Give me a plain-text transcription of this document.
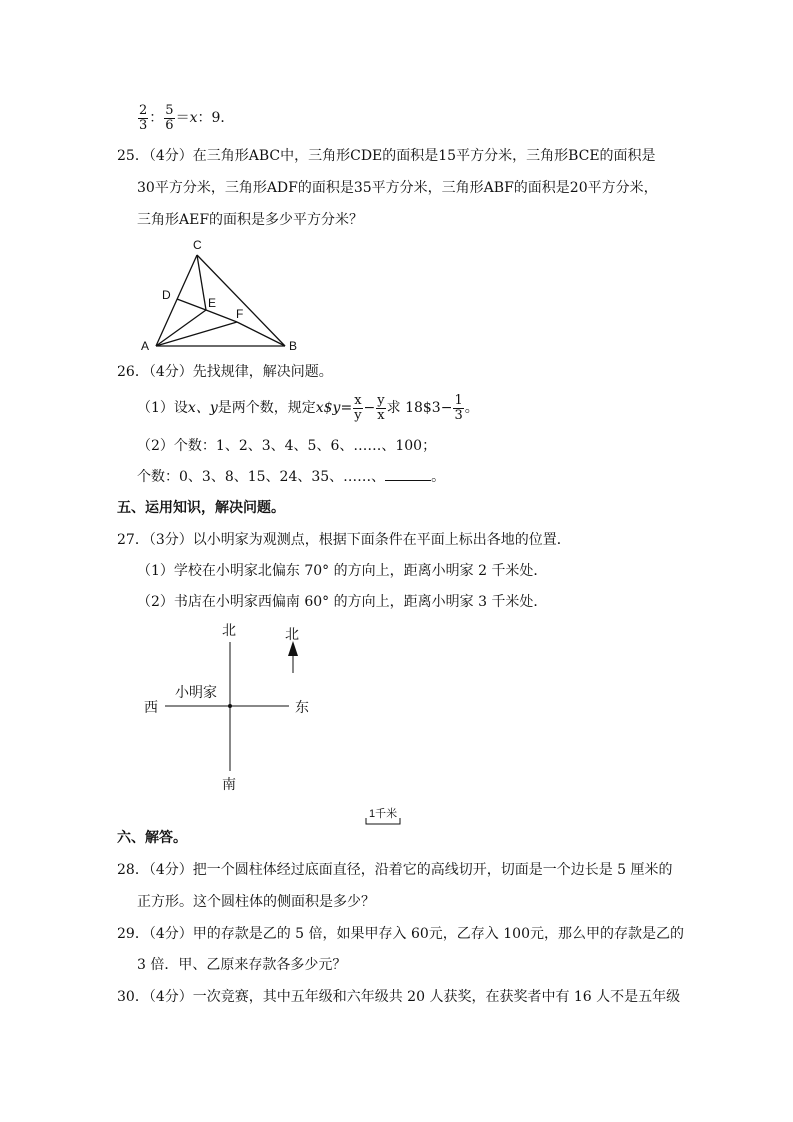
$\frac{2}{3}$ ： $\frac{5}{6} =x$：9．
25．（4分）在三角形ABC中，三角形CDE的面积是15平方分米，三角形BCE的面积是
30平方分米，三角形ADF的面积是35平方分米，三角形ABF的面积是20平方分米，
三角形AEF的面积是多少平方分米？
C
D
E
F
A	B
26．（4分）先找规律，解决问题。
（1）设x、y是两个数，规定x$y= $\frac{x}{y} - \frac{y}{x}$ 求 18$3− $\frac{1}{3}$ 。
（2）个数：1、2、3、4、5、6、……、100；
个数：0、3、8、15、24、35、……、	。
五、运用知识，解决问题。
27．（3分）以小明家为观测点，根据下面条件在平面上标出各地的位置．
（1）学校在小明家北偏东 70° 的方向上，距离小明家 2 千米处．
（2）书店在小明家西偏南 60° 的方向上，距离小明家 3 千米处．
北
南
西	东
小明家
北
1千米
六、解答。
28．（4分）把一个圆柱体经过底面直径，沿着它的高线切开，切面是一个边长是 5 厘米的
正方形。这个圆柱体的侧面积是多少？
29．（4分）甲的存款是乙的 5 倍，如果甲存入 60元，乙存入 100元，那么甲的存款是乙的
3 倍．甲、乙原来存款各多少元？
30．（4分）一次竞赛，其中五年级和六年级共 20 人获奖，在获奖者中有 16 人不是五年级
